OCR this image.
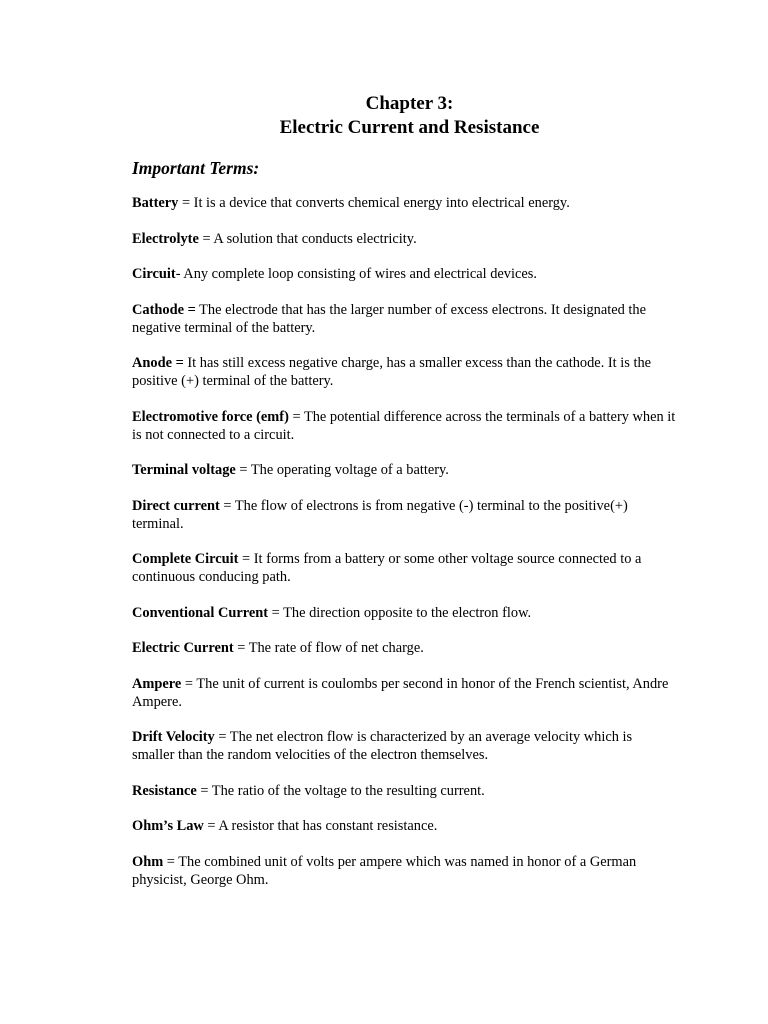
Chapter 3:
Electric Current and Resistance
Important Terms:
Battery = It is a device that converts chemical energy into electrical energy.
Electrolyte = A solution that conducts electricity.
Circuit- Any complete loop consisting of wires and electrical devices.
Cathode = The electrode that has the larger number of excess electrons. It designated the negative terminal of the battery.
Anode = It has still excess negative charge, has a smaller excess than the cathode. It is the positive (+) terminal of the battery.
Electromotive force (emf) = The potential difference across the terminals of a battery when it is not connected to a circuit.
Terminal voltage = The operating voltage of a battery.
Direct current = The flow of electrons is from negative (-) terminal to the positive(+) terminal.
Complete Circuit = It forms from a battery or some other voltage source connected to a continuous conducing path.
Conventional Current = The direction opposite to the electron flow.
Electric Current = The rate of flow of net charge.
Ampere = The unit of current is coulombs per second in honor of the French scientist, Andre Ampere.
Drift Velocity = The net electron flow is characterized by an average velocity which is smaller than the random velocities of the electron themselves.
Resistance = The ratio of the voltage to the resulting current.
Ohm’s Law = A resistor that has constant resistance.
Ohm = The combined unit of volts per ampere which was named in honor of a German physicist, George Ohm.
